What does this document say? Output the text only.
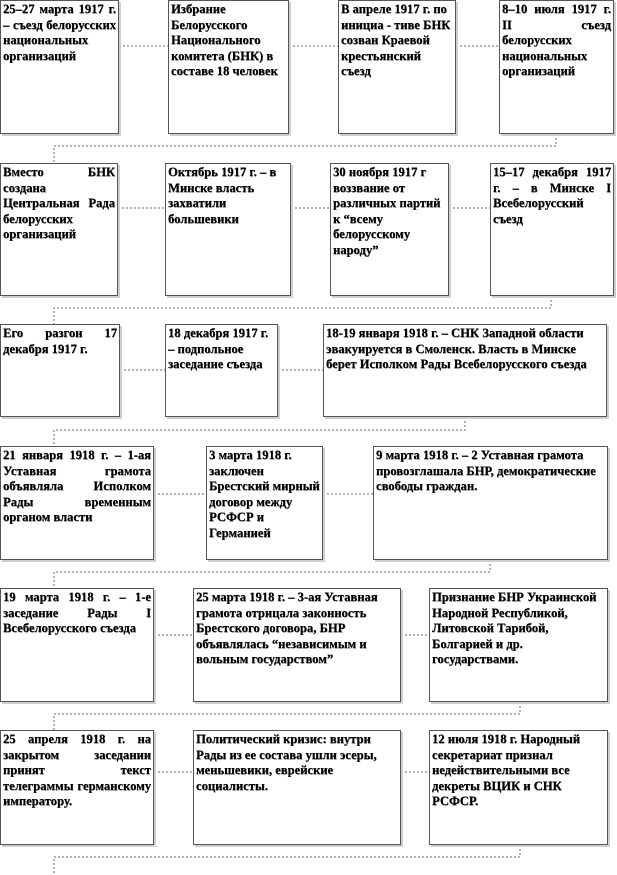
25–27 марта 1917 г. – съезд белорусских национальных организаций
Избрание Белорусского Национального комитета (БНК) в составе 18 человек
В апреле 1917 г. по инициа - тиве БНК созван Краевой крестьянский съезд
8–10 июля 1917 г. II съезд белорусских национальных организаций
Вместо БНК создана Центральная Рада белорусских организаций
Октябрь 1917 г. – в Минске власть захватили большевики
30 ноября 1917 г воззвание от различных партий к “всему белорусскому народу”
15–17 декабря 1917 г. – в Минске I Всебелорусский съезд
Его разгон 17 декабря 1917 г.
18 декабря 1917 г. – подпольное заседание съезда
18-19 января 1918 г. – СНК Западной области эвакуируется в Смоленск. Власть в Минске берет Исполком Рады Всебелорусского съезда
21 января 1918 г. – 1-ая Уставная грамота объявляла Исполком Рады временным органом власти
3 марта 1918 г. заключен Брестский мирный договор между РСФСР и Германией
9 марта 1918 г. – 2 Уставная грамота провозглашала БНР, демократические свободы граждан.
19 марта 1918 г. – 1-е заседание Рады I Всебелорусского съезда
25 марта 1918 г. – 3-ая Уставная грамота отрицала законность Брестского договора, БНР объявлялась “независимым и вольным государством”
Признание БНР Украинской Народной Республикой, Литовской Тарибой, Болгарией и др. государствами.
25 апреля 1918 г. на закрытом заседании принят текст телеграммы германскому императору.
Политический кризис: внутри Рады из ее состава ушли эсеры, меньшевики, еврейские социалисты.
12 июля 1918 г. Народный секретариат признал недействительными все декреты ВЦИК и СНК РСФСР.
